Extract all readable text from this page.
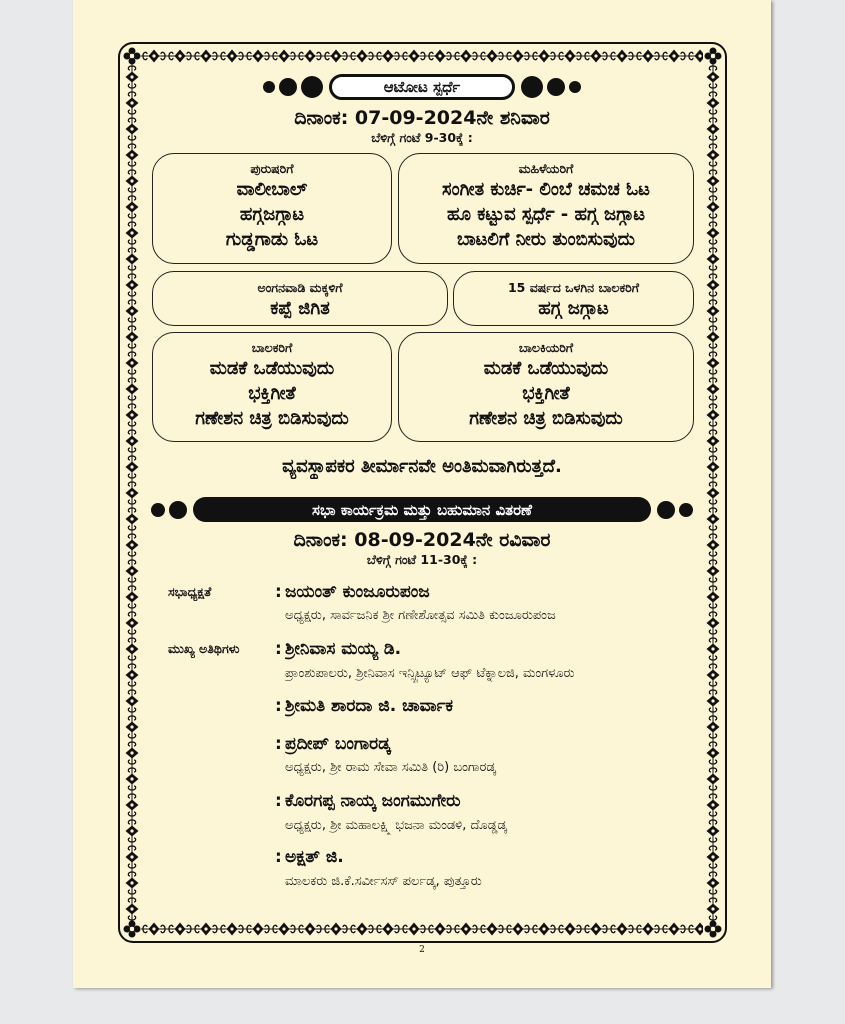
ಆಟೋಟ ಸ್ಪರ್ಧೆ
ದಿನಾಂಕ: 07-09-2024ನೇ ಶನಿವಾರ
ಬೆಳಿಗ್ಗೆ ಗಂಟೆ 9-30ಕ್ಕೆ :
ಪುರುಷರಿಗೆ
ವಾಲೀಬಾಲ್
ಹಗ್ಗಜಗ್ಗಾಟ
ಗುಡ್ಡಗಾಡು ಓಟ
ಮಹಿಳೆಯರಿಗೆ
ಸಂಗೀತ ಕುರ್ಚಿ- ಲಿಂಬೆ ಚಮಚ ಓಟ
ಹೂ ಕಟ್ಟುವ ಸ್ಪರ್ಧೆ - ಹಗ್ಗ ಜಗ್ಗಾಟ
ಬಾಟಲಿಗೆ ನೀರು ತುಂಬಿಸುವುದು
ಅಂಗನವಾಡಿ ಮಕ್ಕಳಿಗೆ
ಕಪ್ಪೆ ಜಿಗಿತ
15 ವರ್ಷದ ಒಳಗಿನ ಬಾಲಕರಿಗೆ
ಹಗ್ಗ ಜಗ್ಗಾಟ
ಬಾಲಕರಿಗೆ
ಮಡಕೆ ಒಡೆಯುವುದು
ಭಕ್ತಿಗೀತೆ
ಗಣೇಶನ ಚಿತ್ರ ಬಿಡಿಸುವುದು
ಬಾಲಕಿಯರಿಗೆ
ಮಡಕೆ ಒಡೆಯುವುದು
ಭಕ್ತಿಗೀತೆ
ಗಣೇಶನ ಚಿತ್ರ ಬಿಡಿಸುವುದು
ವ್ಯವಸ್ಥಾಪಕರ ತೀರ್ಮಾನವೇ ಅಂತಿಮವಾಗಿರುತ್ತದೆ.
ಸಭಾ ಕಾರ್ಯಕ್ರಮ ಮತ್ತು ಬಹುಮಾನ ವಿತರಣೆ
ದಿನಾಂಕ: 08-09-2024ನೇ ರವಿವಾರ
ಬೆಳಿಗ್ಗೆ ಗಂಟೆ 11-30ಕ್ಕೆ :
ಸಭಾಧ್ಯಕ್ಷತೆ	: ಜಯಂತ್ ಕುಂಜೂರುಪಂಜ
ಅಧ್ಯಕ್ಷರು, ಸಾರ್ವಜನಿಕ ಶ್ರೀ ಗಣೇಶೋತ್ಸವ ಸಮಿತಿ ಕುಂಜೂರುಪಂಜ
ಮುಖ್ಯ ಅತಿಥಿಗಳು	: ಶ್ರೀನಿವಾಸ ಮಯ್ಯ ಡಿ.
ಪ್ರಾಂಶುಪಾಲರು, ಶ್ರೀನಿವಾಸ ಇನ್ಸ್ಟಿಟ್ಯೂಟ್ ಆಫ್ ಟೆಕ್ನಾಲಜಿ, ಮಂಗಳೂರು
: ಶ್ರೀಮತಿ ಶಾರದಾ ಜಿ. ಚಾರ್ವಾಕ
: ಪ್ರದೀಪ್ ಬಂಗಾರಡ್ಕ
ಅಧ್ಯಕ್ಷರು, ಶ್ರೀ ರಾಮ ಸೇವಾ ಸಮಿತಿ (ರಿ) ಬಂಗಾರಡ್ಕ
: ಕೊರಗಪ್ಪ ನಾಯ್ಕ ಜಂಗಮುಗೇರು
ಅಧ್ಯಕ್ಷರು, ಶ್ರೀ ಮಹಾಲಕ್ಷ್ಮಿ ಭಜನಾ ಮಂಡಳಿ, ದೊಡ್ಡಡ್ಕ
: ಅಕ್ಷತ್ ಜಿ.
ಮಾಲಕರು ಜಿ.ಕೆ.ಸರ್ವೀಸಸ್ ಪರ್ಲಡ್ಕ, ಪುತ್ತೂರು
2
